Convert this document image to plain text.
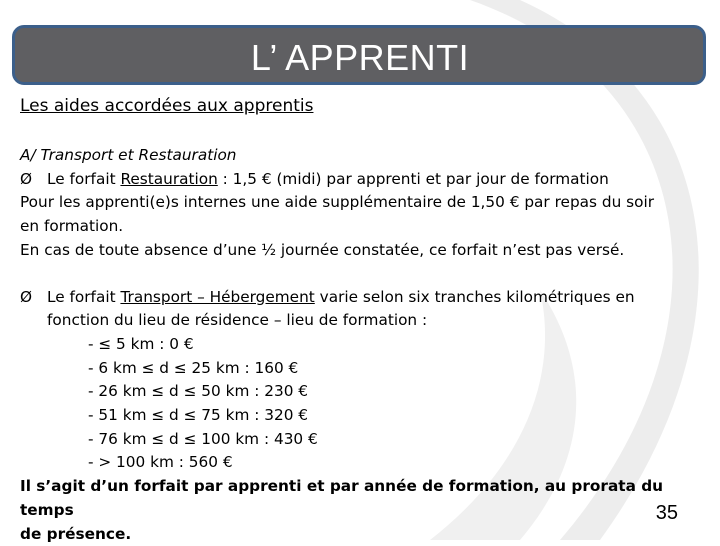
L’ APPRENTI
Les aides accordées aux apprentis
A/ Transport et Restauration
Ø Le forfait Restauration : 1,5 € (midi) par apprenti et par jour de formation
Pour les apprenti(e)s internes une aide supplémentaire de 1,50 € par repas du soir
en formation.
En cas de toute absence d’une ½ journée constatée, ce forfait n’est pas versé.
Ø Le forfait Transport – Hébergement varie selon six tranches kilométriques en
fonction du lieu de résidence – lieu de formation :
- ≤ 5 km : 0 €
- 6 km ≤ d ≤ 25 km : 160 €
- 26 km ≤ d ≤ 50 km : 230 €
- 51 km ≤ d ≤ 75 km : 320 €
- 76 km ≤ d ≤ 100 km : 430 €
- > 100 km : 560 €
Il s’agit d’un forfait par apprenti et par année de formation, au prorata du temps
de présence.
35
